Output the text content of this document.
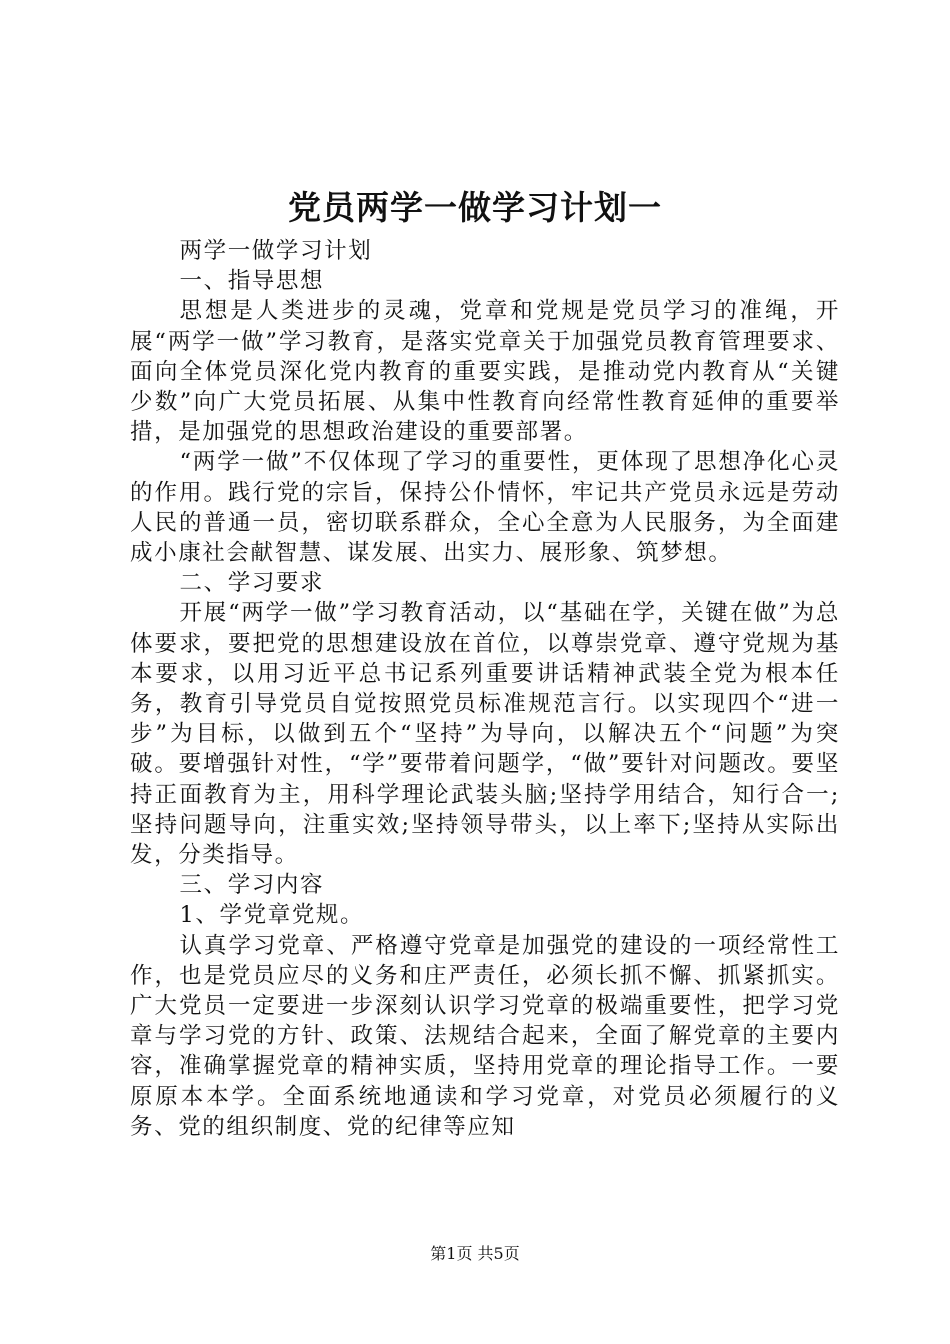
党员两学一做学习计划一

两学一做学习计划

一、指导思想

思想是人类进步的灵魂，党章和党规是党员学习的准绳，开展“两学一做”学习教育，是落实党章关于加强党员教育管理要求、面向全体党员深化党内教育的重要实践，是推动党内教育从“关键少数”向广大党员拓展、从集中性教育向经常性教育延伸的重要举措，是加强党的思想政治建设的重要部署。

“两学一做”不仅体现了学习的重要性，更体现了思想净化心灵的作用。践行党的宗旨，保持公仆情怀，牢记共产党员永远是劳动人民的普通一员，密切联系群众，全心全意为人民服务，为全面建成小康社会献智慧、谋发展、出实力、展形象、筑梦想。

二、学习要求

开展“两学一做”学习教育活动，以“基础在学，关键在做”为总体要求，要把党的思想建设放在首位，以尊崇党章、遵守党规为基本要求，以用习近平总书记系列重要讲话精神武装全党为根本任务，教育引导党员自觉按照党员标准规范言行。以实现四个“进一步”为目标，以做到五个“坚持”为导向，以解决五个“问题”为突破。要增强针对性，“学”要带着问题学，“做”要针对问题改。要坚持正面教育为主，用科学理论武装头脑;坚持学用结合，知行合一;坚持问题导向，注重实效;坚持领导带头，以上率下;坚持从实际出发，分类指导。

三、学习内容

1、学党章党规。

认真学习党章、严格遵守党章是加强党的建设的一项经常性工作，也是党员应尽的义务和庄严责任，必须长抓不懈、抓紧抓实。广大党员一定要进一步深刻认识学习党章的极端重要性，把学习党章与学习党的方针、政策、法规结合起来，全面了解党章的主要内容，准确掌握党章的精神实质，坚持用党章的理论指导工作。一要原原本本学。全面系统地通读和学习党章，对党员必须履行的义务、党的组织制度、党的纪律等应知

第1页 共5页
